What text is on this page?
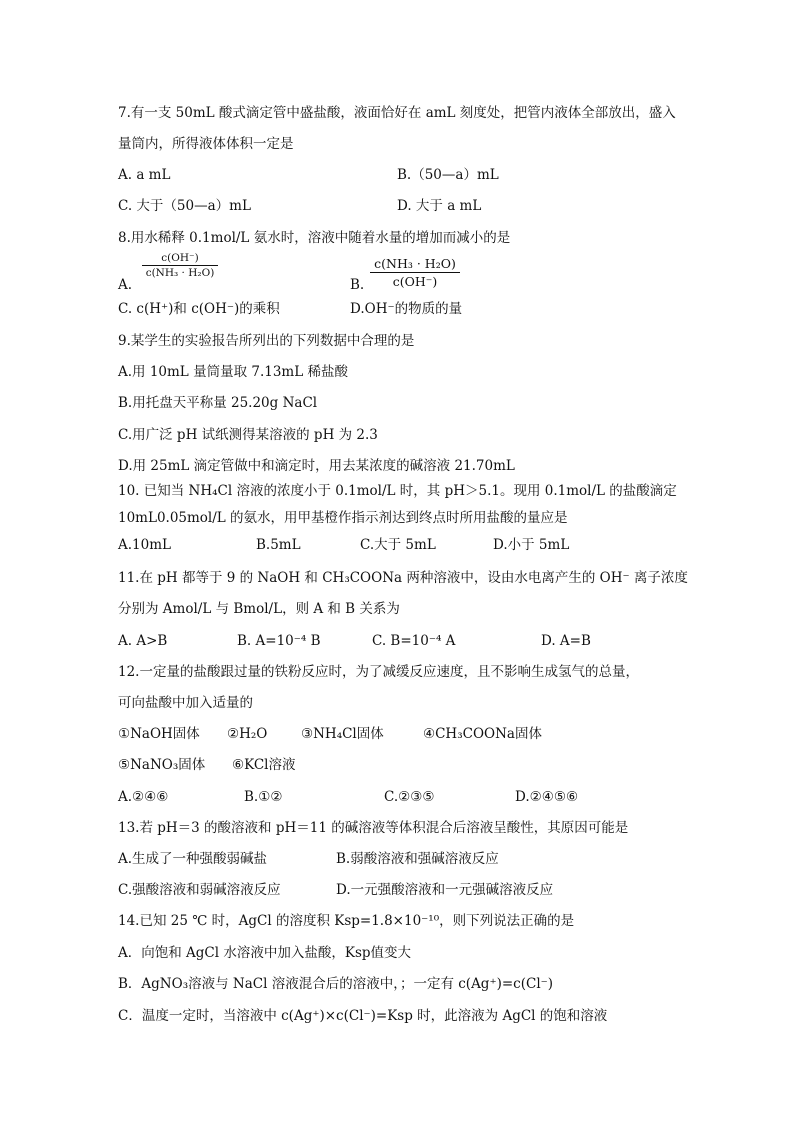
7.有一支 50mL 酸式滴定管中盛盐酸，液面恰好在 amL 刻度处，把管内液体全部放出，盛入
量筒内，所得液体体积一定是
A. a mL	B.（50—a）mL
C. 大于（50—a）mL	D. 大于 a mL
8.用水稀释 0.1mol/L 氨水时，溶液中随着水量的增加而减小的是
A.
c(OH⁻)
c(NH₃ · H₂O)
B.
c(NH₃ · H₂O)
c(OH⁻)
C. c(H⁺)和 c(OH⁻)的乘积	D.OH⁻的物质的量
9.某学生的实验报告所列出的下列数据中合理的是
A.用 10mL 量筒量取 7.13mL 稀盐酸
B.用托盘天平称量 25.20g NaCl
C.用广泛 pH 试纸测得某溶液的 pH 为 2.3
D.用 25mL 滴定管做中和滴定时，用去某浓度的碱溶液 21.70mL
10. 已知当 NH₄Cl 溶液的浓度小于 0.1mol/L 时，其 pH＞5.1。现用 0.1mol/L 的盐酸滴定
10mL0.05mol/L 的氨水，用甲基橙作指示剂达到终点时所用盐酸的量应是
A.10mL	B.5mL	C.大于 5mL	D.小于 5mL
11.在 pH 都等于 9 的 NaOH 和 CH₃COONa 两种溶液中，设由水电离产生的 OH⁻ 离子浓度
分别为 Amol/L 与 Bmol/L，则 A 和 B 关系为
A. A>B	B. A=10⁻⁴ B	C. B=10⁻⁴ A	D. A=B
12.一定量的盐酸跟过量的铁粉反应时，为了减缓反应速度，且不影响生成氢气的总量，
可向盐酸中加入适量的
①NaOH固体 ②H₂O ③NH₄Cl固体	④CH₃COONa固体
⑤NaNO₃固体 ⑥KCl溶液
A.②④⑥	B.①②	C.②③⑤	D.②④⑤⑥
13.若 pH＝3 的酸溶液和 pH＝11 的碱溶液等体积混合后溶液呈酸性，其原因可能是
A.生成了一种强酸弱碱盐	B.弱酸溶液和强碱溶液反应
C.强酸溶液和弱碱溶液反应	D.一元强酸溶液和一元强碱溶液反应
14.已知 25 ℃ 时，AgCl 的溶度积 Ksp=1.8×10⁻¹⁰，则下列说法正确的是
A．向饱和 AgCl 水溶液中加入盐酸，Ksp值变大
B．AgNO₃溶液与 NaCl 溶液混合后的溶液中，；一定有 c(Ag⁺)=c(Cl⁻)
C．温度一定时，当溶液中 c(Ag⁺)×c(Cl⁻)=Ksp 时，此溶液为 AgCl 的饱和溶液
